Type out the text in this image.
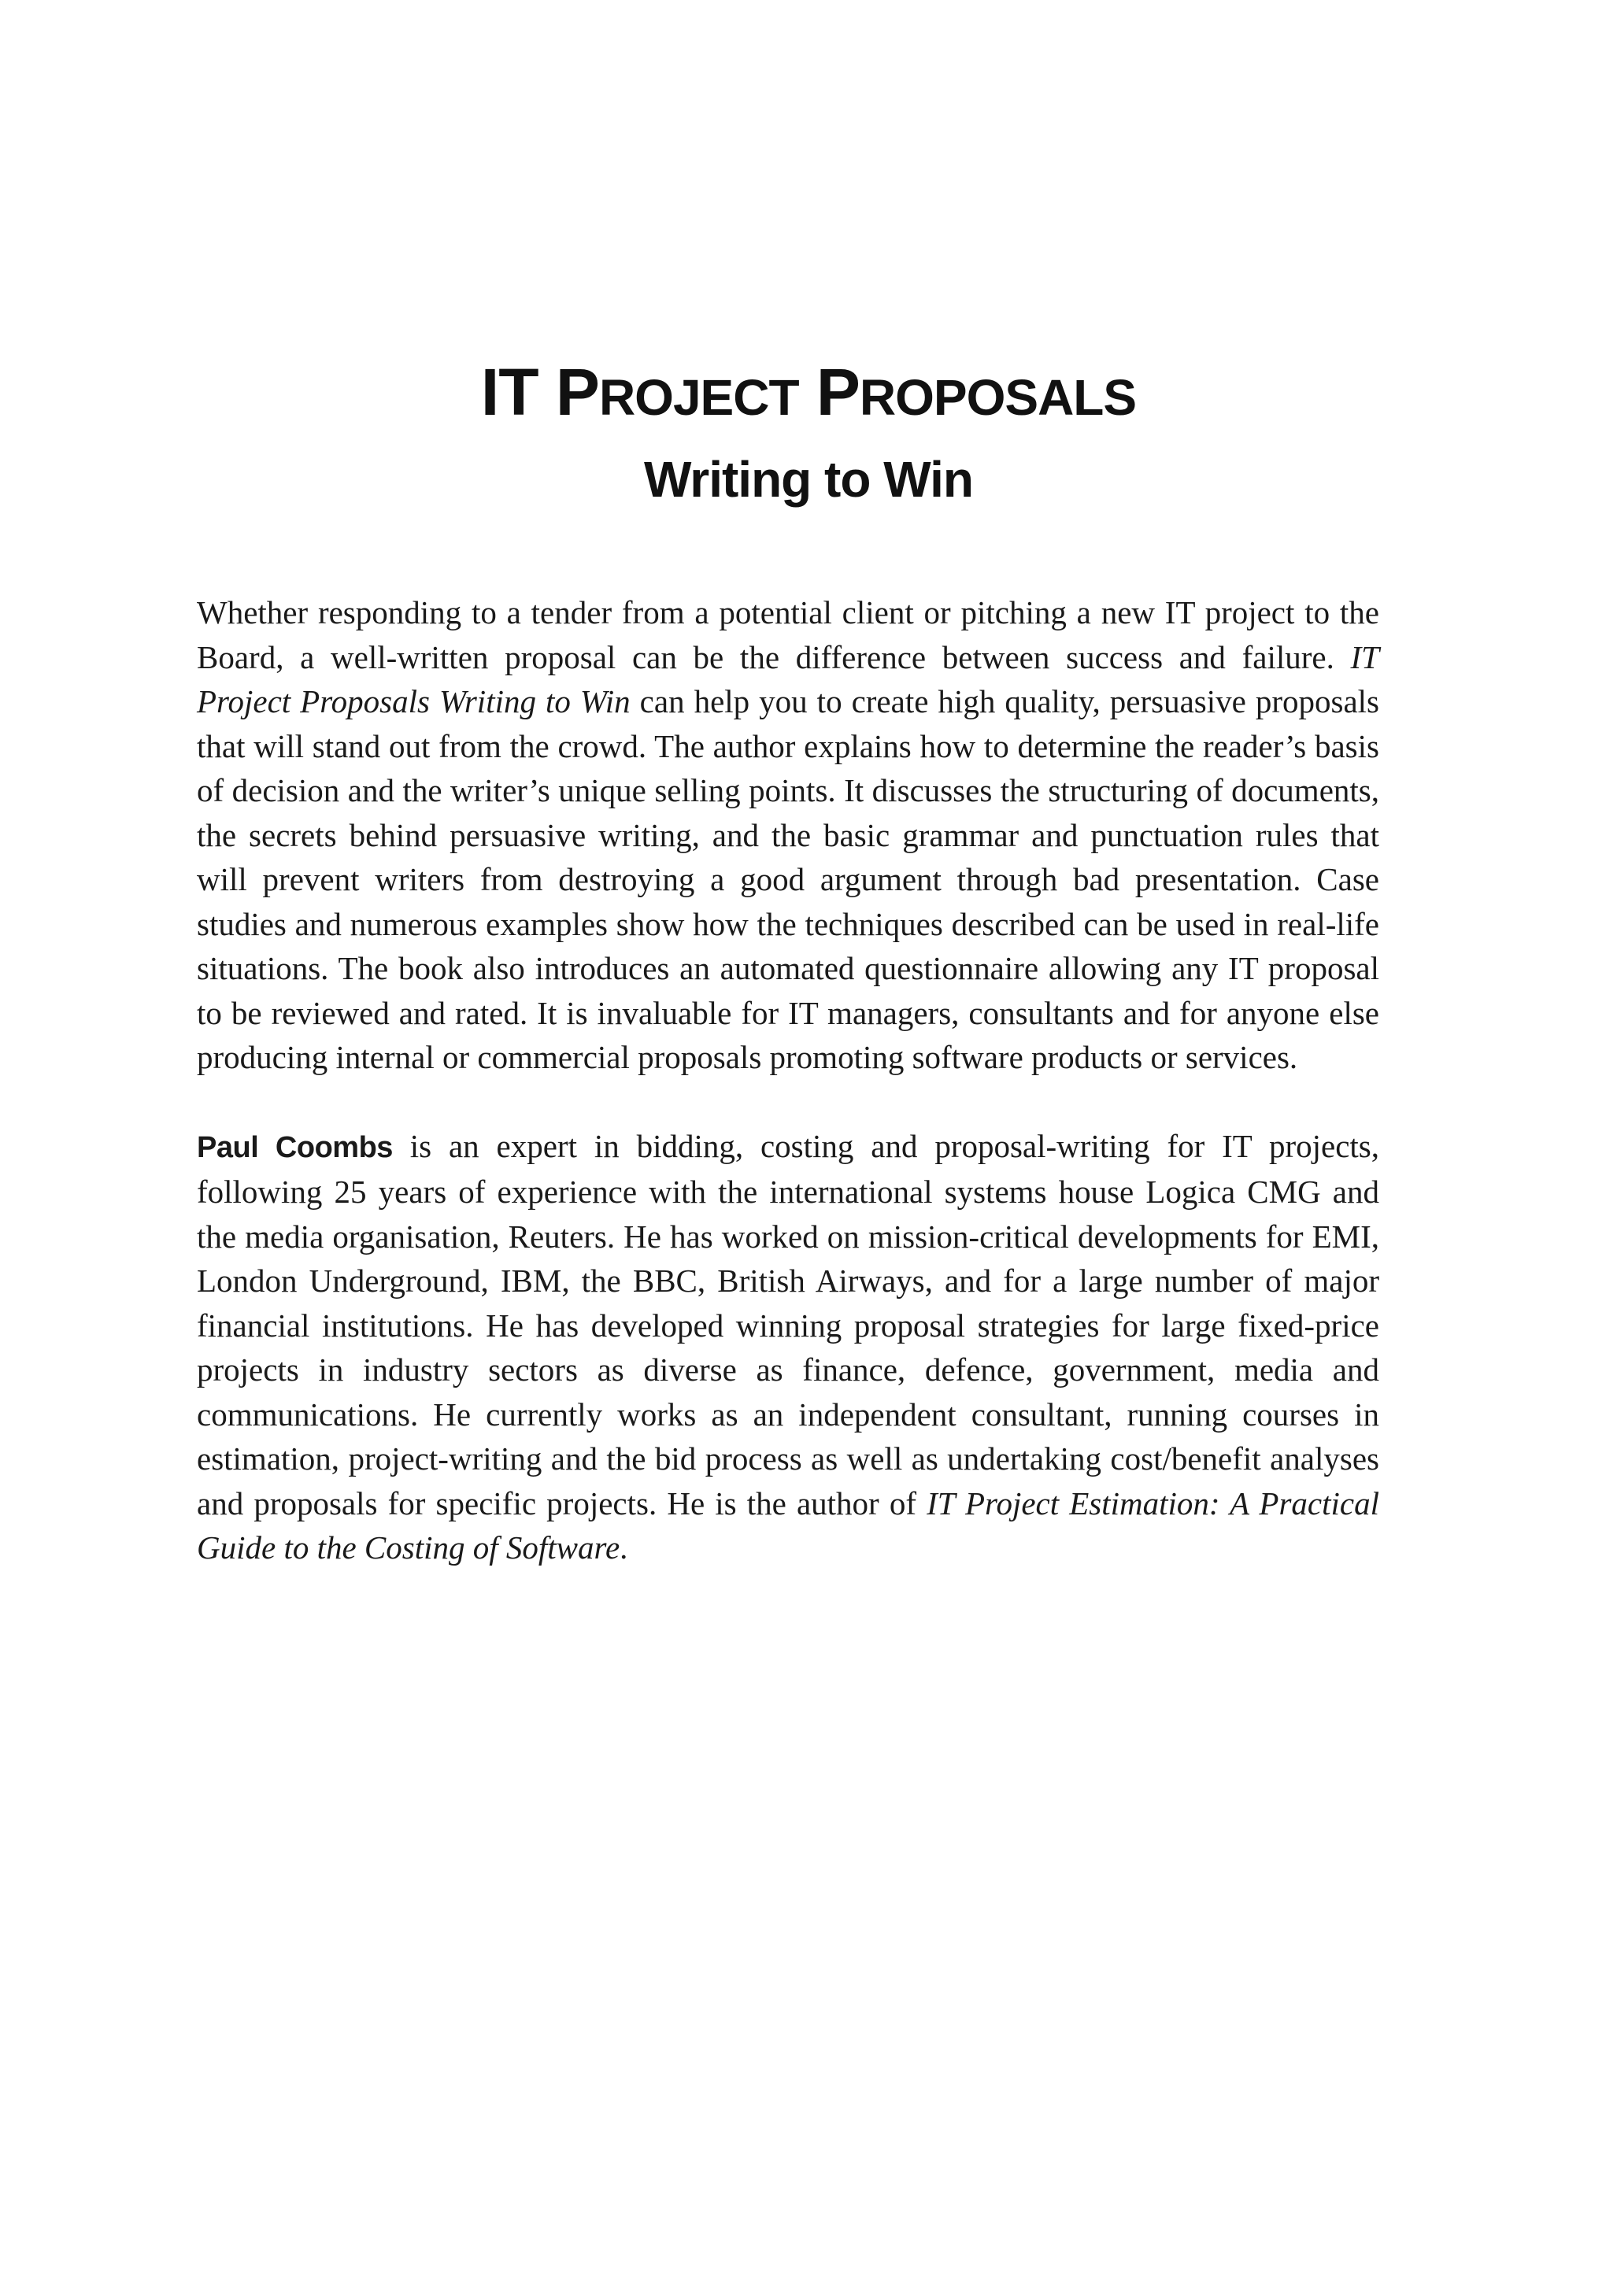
IT PROJECT PROPOSALS
Writing to Win

Whether responding to a tender from a potential client or pitching a new IT project to the Board, a well-written proposal can be the difference between success and failure. IT Project Proposals Writing to Win can help you to create high quality, persuasive proposals that will stand out from the crowd. The author explains how to determine the reader’s basis of decision and the writer’s unique selling points. It discusses the structuring of documents, the secrets behind persuasive writing, and the basic grammar and punctuation rules that will prevent writers from destroying a good argument through bad presentation. Case studies and numerous examples show how the techniques described can be used in real-life situations. The book also introduces an automated questionnaire allowing any IT proposal to be reviewed and rated. It is invaluable for IT managers, consultants and for anyone else producing internal or commercial proposals promoting software products or services.

Paul Coombs is an expert in bidding, costing and proposal-writing for IT projects, following 25 years of experience with the international systems house Logica CMG and the media organisation, Reuters. He has worked on mission-critical developments for EMI, London Underground, IBM, the BBC, British Airways, and for a large number of major financial institutions. He has developed winning proposal strategies for large fixed-price projects in industry sectors as diverse as finance, defence, government, media and communications. He currently works as an independent consultant, running courses in estimation, project-writing and the bid process as well as undertaking cost/benefit analyses and proposals for specific projects. He is the author of IT Project Estimation: A Practical Guide to the Costing of Software.
